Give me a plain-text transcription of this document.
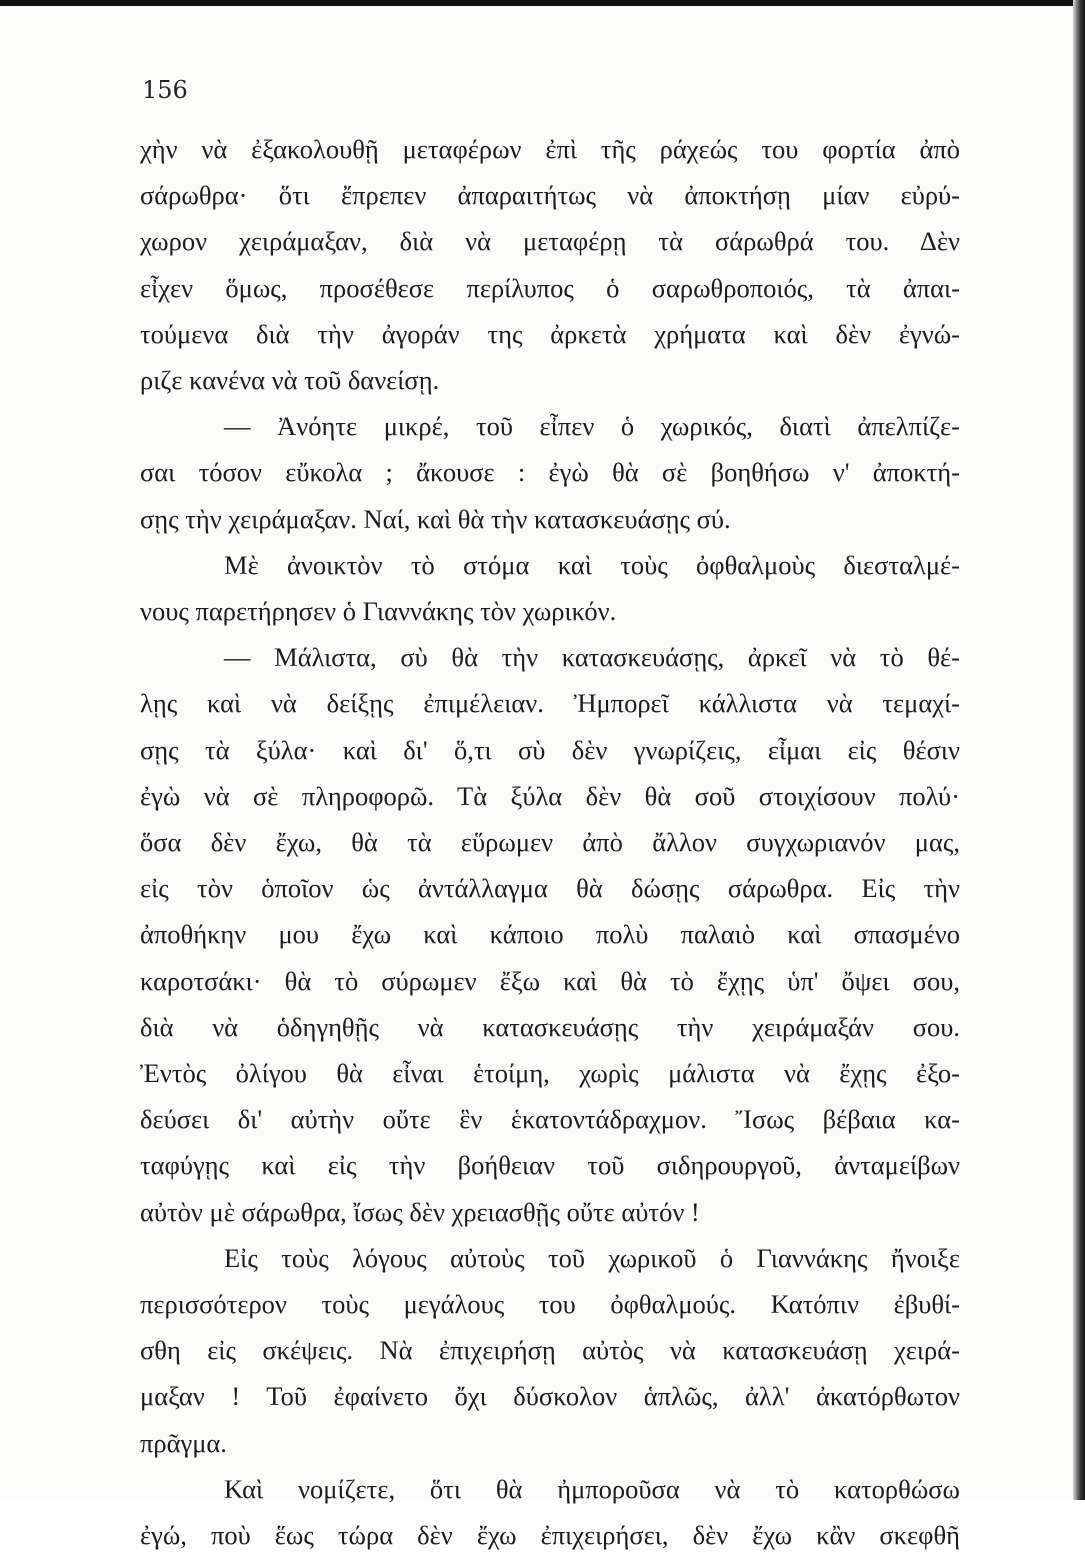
156
χὴν νὰ ἐξακολουθῇ μεταφέρων ἐπὶ τῆς ράχεώς του φορτία ἀπὸ
σάρωθρα· ὅτι ἔπρεπεν ἀπαραιτήτως νὰ ἀποκτήσῃ μίαν εὐρύ-
χωρον χειράμαξαν, διὰ νὰ μεταφέρῃ τὰ σάρωθρά του. Δὲν
εἶχεν ὅμως, προσέθεσε περίλυπος ὁ σαρωθροποιός, τὰ ἀπαι-
τούμενα διὰ τὴν ἀγοράν της ἀρκετὰ χρήματα καὶ δὲν ἐγνώ-
ριζε κανένα νὰ τοῦ δανείσῃ.
— Ἀνόητε μικρέ, τοῦ εἶπεν ὁ χωρικός, διατὶ ἀπελπίζε-
σαι τόσον εὔκολα ; ἄκουσε : ἐγὼ θὰ σὲ βοηθήσω ν' ἀποκτή-
σῃς τὴν χειράμαξαν. Ναί, καὶ θὰ τὴν κατασκευάσῃς σύ.
Μὲ ἀνοικτὸν τὸ στόμα καὶ τοὺς ὀφθαλμοὺς διεσταλμέ-
νους παρετήρησεν ὁ Γιαννάκης τὸν χωρικόν.
— Μάλιστα, σὺ θὰ τὴν κατασκευάσῃς, ἀρκεῖ νὰ τὸ θέ-
λῃς καὶ νὰ δείξῃς ἐπιμέλειαν. Ἠμπορεῖ κάλλιστα νὰ τεμαχί-
σῃς τὰ ξύλα· καὶ δι' ὅ,τι σὺ δὲν γνωρίζεις, εἶμαι εἰς θέσιν
ἐγὼ νὰ σὲ πληροφορῶ. Τὰ ξύλα δὲν θὰ σοῦ στοιχίσουν πολύ·
ὅσα δὲν ἔχω, θὰ τὰ εὕρωμεν ἀπὸ ἄλλον συγχωριανόν μας,
εἰς τὸν ὁποῖον ὡς ἀντάλλαγμα θὰ δώσῃς σάρωθρα. Εἰς τὴν
ἀποθήκην μου ἔχω καὶ κάποιο πολὺ παλαιὸ καὶ σπασμένο
καροτσάκι· θὰ τὸ σύρωμεν ἔξω καὶ θὰ τὸ ἔχῃς ὑπ' ὄψει σου,
διὰ νὰ ὁδηγηθῇς νὰ κατασκευάσῃς τὴν χειράμαξάν σου.
Ἐντὸς ὀλίγου θὰ εἶναι ἑτοίμη, χωρὶς μάλιστα νὰ ἔχῃς ἐξο-
δεύσει δι' αὐτὴν οὔτε ἓν ἑκατοντάδραχμον. Ἴσως βέβαια κα-
ταφύγῃς καὶ εἰς τὴν βοήθειαν τοῦ σιδηρουργοῦ, ἀνταμείβων
αὐτὸν μὲ σάρωθρα, ἴσως δὲν χρειασθῇς οὔτε αὐτόν !
Εἰς τοὺς λόγους αὐτοὺς τοῦ χωρικοῦ ὁ Γιαννάκης ἤνοιξε
περισσότερον τοὺς μεγάλους του ὀφθαλμούς. Κατόπιν ἐβυθί-
σθη εἰς σκέψεις. Νὰ ἐπιχειρήσῃ αὐτὸς νὰ κατασκευάσῃ χειρά-
μαξαν ! Τοῦ ἐφαίνετο ὄχι δύσκολον ἁπλῶς, ἀλλ' ἀκατόρθωτον
πρᾶγμα.
Καὶ νομίζετε, ὅτι θὰ ἠμποροῦσα νὰ τὸ κατορθώσω
ἐγώ, ποὺ ἕως τώρα δὲν ἔχω ἐπιχειρήσει, δὲν ἔχω κἂν σκεφθῆ
